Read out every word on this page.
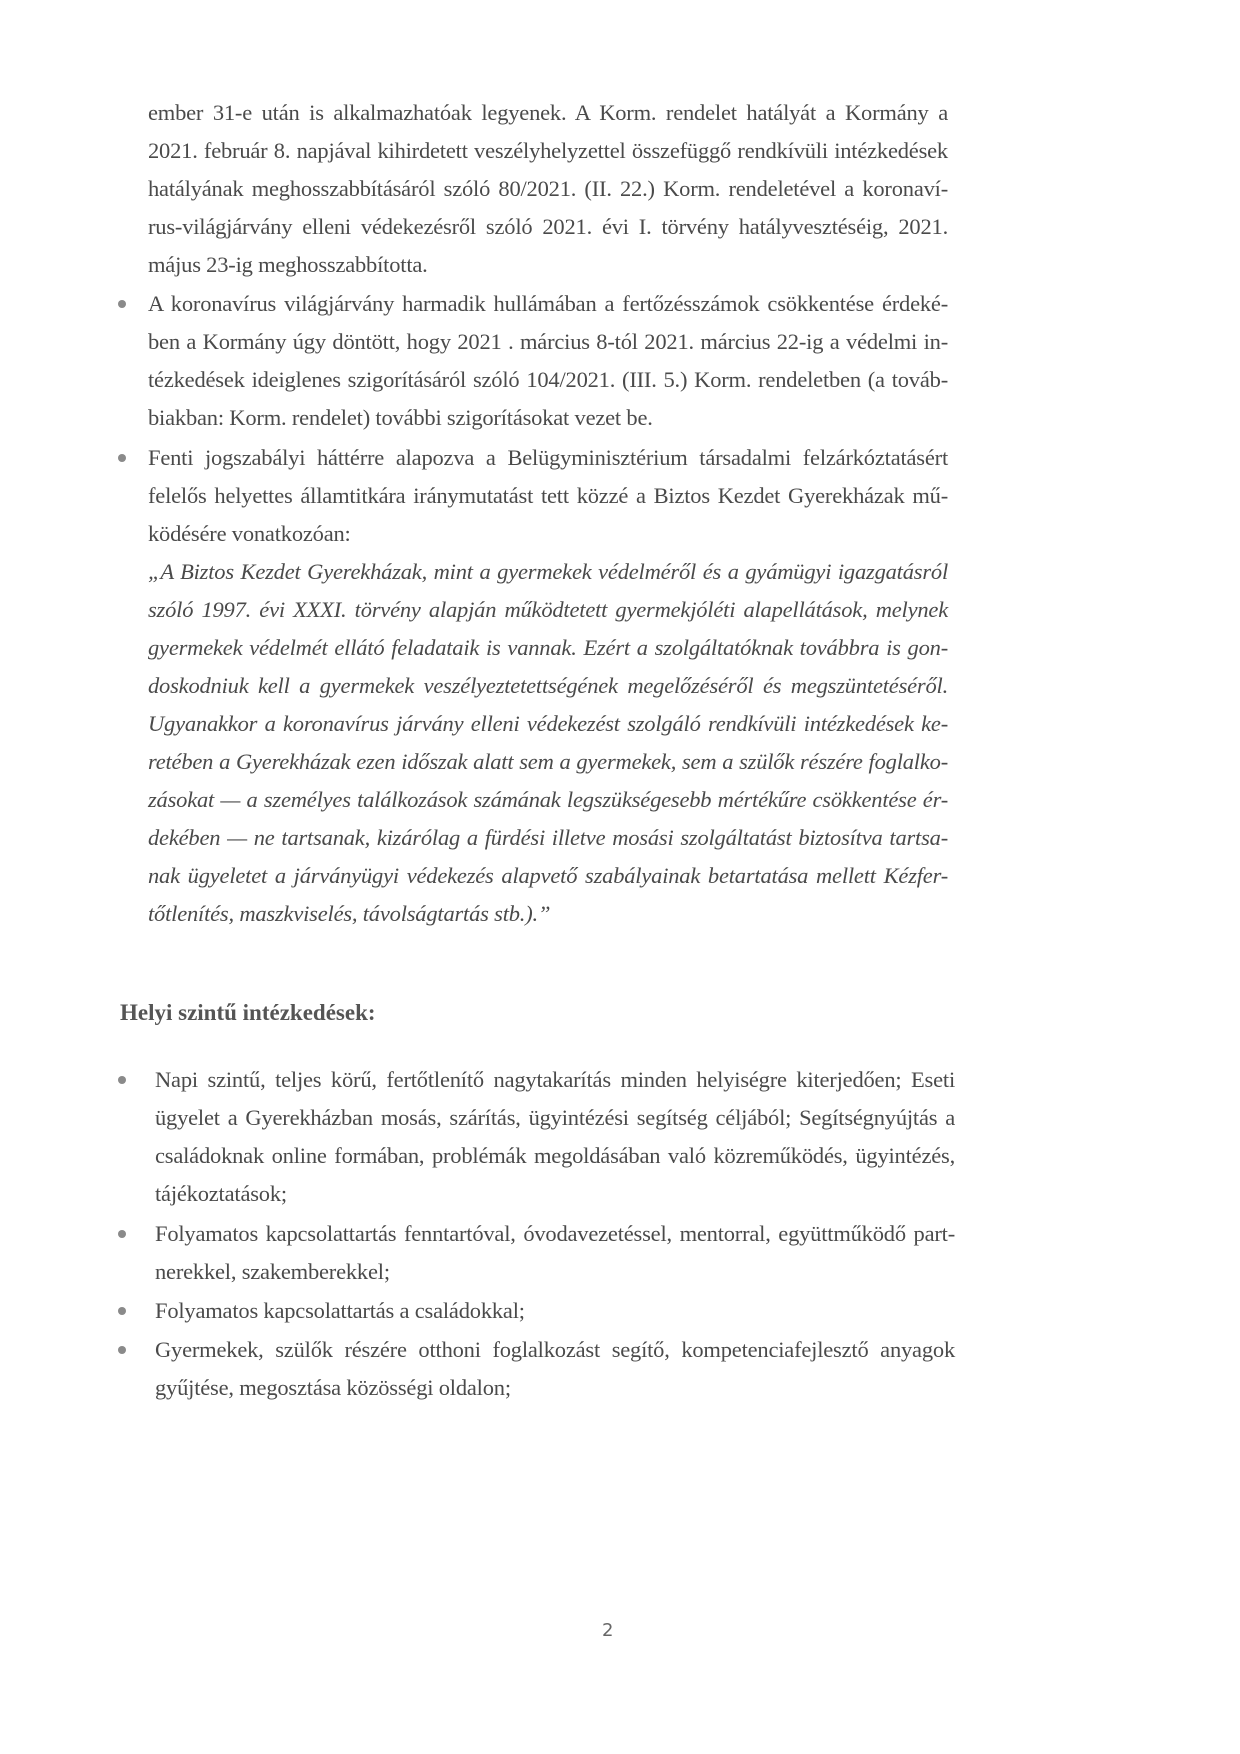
ember 31-e után is alkalmazhatóak legyenek. A Korm. rendelet hatályát a Kormány a
2021. február 8. napjával kihirdetett veszélyhelyzettel összefüggő rendkívüli intézkedések
hatályának meghosszabbításáról szóló 80/2021. (II. 22.) Korm. rendeletével a koronaví-
rus-világjárvány elleni védekezésről szóló 2021. évi I. törvény hatályvesztéséig, 2021.
május 23-ig meghosszabbította.
A koronavírus világjárvány harmadik hullámában a fertőzésszámok csökkentése érdeké-
ben a Kormány úgy döntött, hogy 2021 . március 8-tól 2021. március 22-ig a védelmi in-
tézkedések ideiglenes szigorításáról szóló 104/2021. (III. 5.) Korm. rendeletben (a továb-
biakban: Korm. rendelet) további szigorításokat vezet be.
Fenti jogszabályi háttérre alapozva a Belügyminisztérium társadalmi felzárkóztatásért
felelős helyettes államtitkára iránymutatást tett közzé a Biztos Kezdet Gyerekházak mű-
ködésére vonatkozóan:
„A Biztos Kezdet Gyerekházak, mint a gyermekek védelméről és a gyámügyi igazgatásról
szóló 1997. évi XXXI. törvény alapján működtetett gyermekjóléti alapellátások, melynek
gyermekek védelmét ellátó feladataik is vannak. Ezért a szolgáltatóknak továbbra is gon-
doskodniuk kell a gyermekek veszélyeztetettségének megelőzéséről és megszüntetéséről.
Ugyanakkor a koronavírus járvány elleni védekezést szolgáló rendkívüli intézkedések ke-
retében a Gyerekházak ezen időszak alatt sem a gyermekek, sem a szülők részére foglalko-
zásokat — a személyes találkozások számának legszükségesebb mértékűre csökkentése ér-
dekében — ne tartsanak, kizárólag a fürdési illetve mosási szolgáltatást biztosítva tartsa-
nak ügyeletet a járványügyi védekezés alapvető szabályainak betartatása mellett Kézfer-
tőtlenítés, maszkviselés, távolságtartás stb.).”
Helyi szintű intézkedések:
Napi szintű, teljes körű, fertőtlenítő nagytakarítás minden helyiségre kiterjedően; Eseti
ügyelet a Gyerekházban mosás, szárítás, ügyintézési segítség céljából; Segítségnyújtás a
családoknak online formában, problémák megoldásában való közreműködés, ügyintézés,
tájékoztatások;
Folyamatos kapcsolattartás fenntartóval, óvodavezetéssel, mentorral, együttműködő part-
nerekkel, szakemberekkel;
Folyamatos kapcsolattartás a családokkal;
Gyermekek, szülők részére otthoni foglalkozást segítő, kompetenciafejlesztő anyagok
gyűjtése, megosztása közösségi oldalon;
2
